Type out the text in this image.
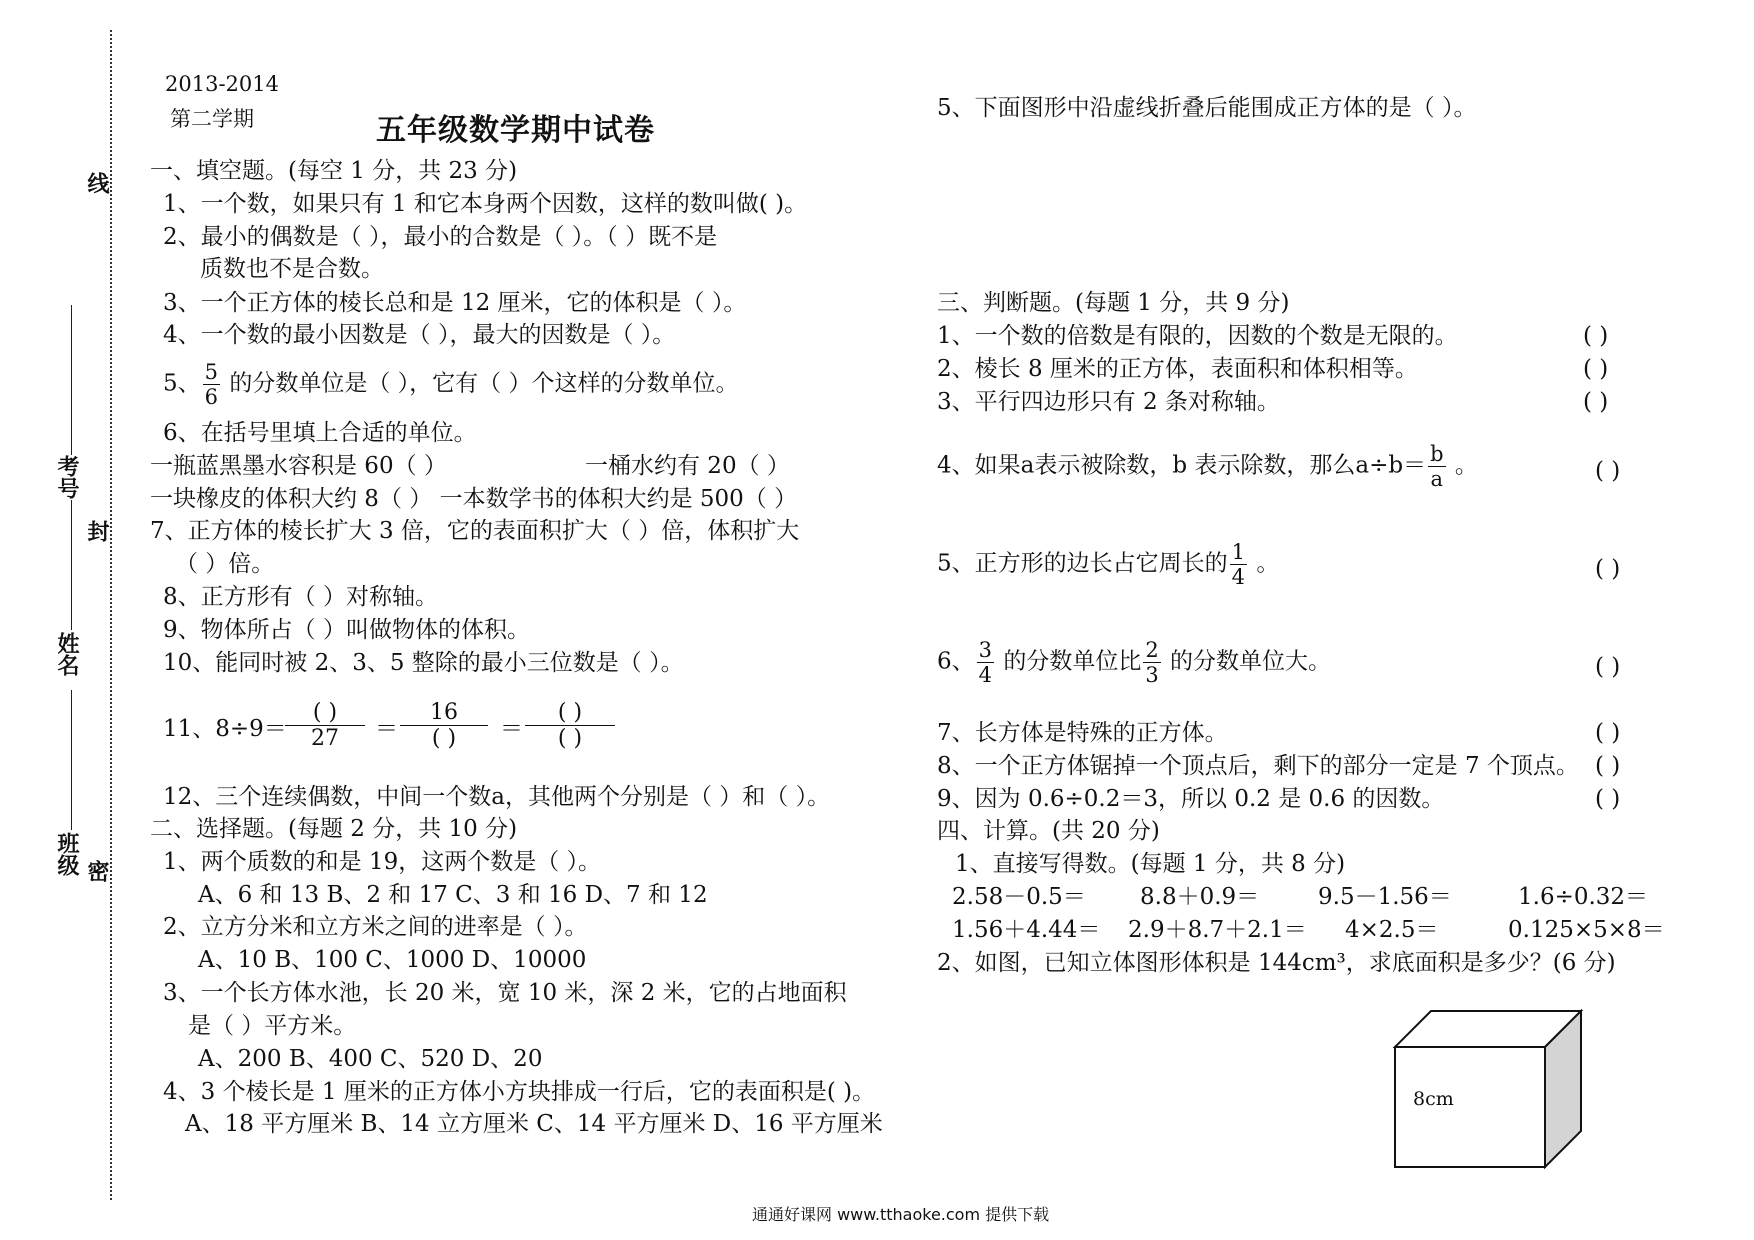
线
封
密
考号
姓名
班级
2013-2014
第二学期	五年级数学期中试卷
一、填空题。(每空 1 分，共 23 分)
1、一个数，如果只有 1 和它本身两个因数，这样的数叫做( )。
2、最小的偶数是（ ），最小的合数是（ ）。（ ）既不是
质数也不是合数。
3、一个正方体的棱长总和是 12 厘米，它的体积是（ ）。
4、一个数的最小因数是（ ），最大的因数是（ ）。
5、 $\frac{5}{6}$ 的分数单位是（ ），它有（ ）个这样的分数单位。
6、在括号里填上合适的单位。
一瓶蓝黑墨水容积是 60（ ）	一桶水约有 20（ ）
一块橡皮的体积大约 8（ ） 一本数学书的体积大约是 500（ ）
7、正方体的棱长扩大 3 倍，它的表面积扩大（ ）倍，体积扩大
（ ）倍。
8、正方形有（ ）对称轴。
9、物体所占（ ）叫做物体的体积。
10、能同时被 2、3、5 整除的最小三位数是（ ）。
11、8÷9＝
( )
27	＝
16
( )	＝
( )
( )
12、三个连续偶数，中间一个数a，其他两个分别是（ ）和（ ）。
二、选择题。(每题 2 分，共 10 分)
1、两个质数的和是 19，这两个数是（ ）。
A、6 和 13 B、2 和 17 C、3 和 16 D、7 和 12
2、立方分米和立方米之间的进率是（ ）。
A、10 B、100 C、1000 D、10000
3、一个长方体水池，长 20 米，宽 10 米，深 2 米，它的占地面积
是（ ）平方米。
A、200 B、400 C、520 D、20
4、3 个棱长是 1 厘米的正方体小方块排成一行后，它的表面积是( )。
A、18 平方厘米 B、14 立方厘米 C、14 平方厘米 D、16 平方厘米
5、下面图形中沿虚线折叠后能围成正方体的是（ ）。
三、判断题。(每题 1 分，共 9 分)
1、一个数的倍数是有限的，因数的个数是无限的。	( )
2、棱长 8 厘米的正方体，表面积和体积相等。	( )
3、平行四边形只有 2 条对称轴。	( )
4、如果a表示被除数，b 表示除数，那么$a\div b= \frac{b}{a}$ 。	( )
5、正方形的边长占它周长的 $\frac{1}{4}$ 。	( )
6、 $\frac{3}{4}$ 的分数单位比 $\frac{2}{3}$ 的分数单位大。	( )
7、长方体是特殊的正方体。	( )
8、一个正方体锯掉一个顶点后，剩下的部分一定是 7 个顶点。 ( )
9、因为 0.6÷0.2＝3，所以 0.2 是 0.6 的因数。	( )
四、计算。(共 20 分)
1、直接写得数。(每题 1 分，共 8 分)
2.58－0.5＝ 8.8＋0.9＝	9.5－1.56＝	1.6÷0.32＝
1.56＋4.44＝ 2.9＋8.7＋2.1＝ 4×2.5＝	0.125×5×8＝
2、如图，已知立体图形体积是 144cm³，求底面积是多少？(6 分)
8cm
通通好课网 www.tthaoke.com 提供下载
